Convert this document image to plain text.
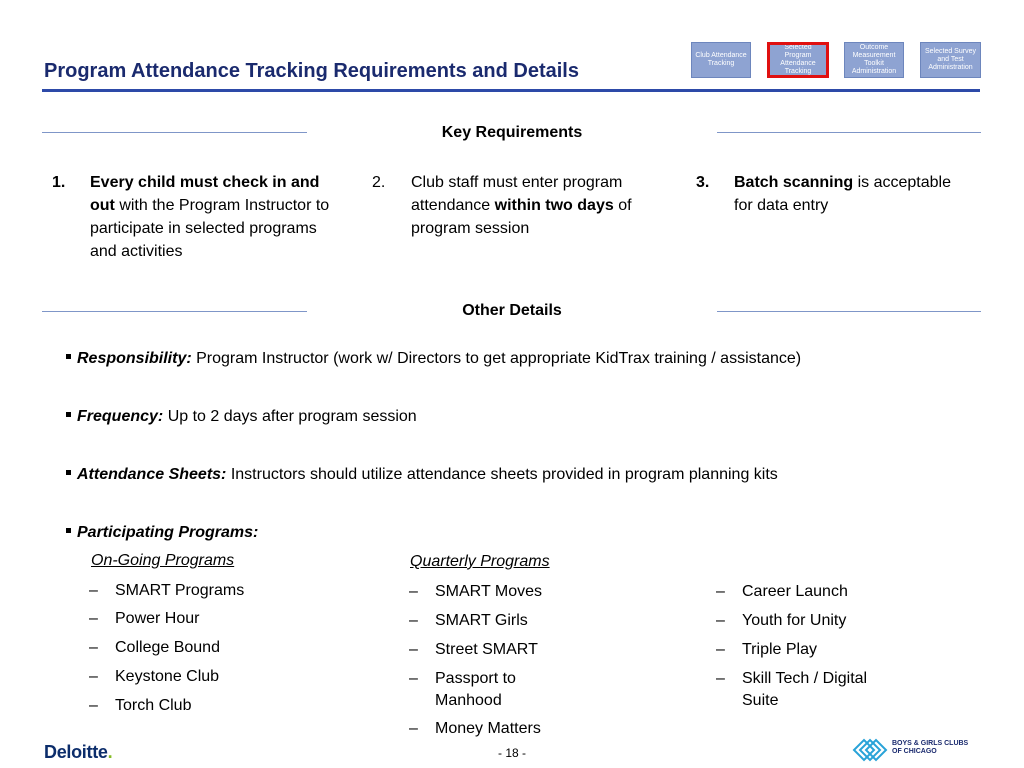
Program Attendance Tracking Requirements and Details
Club Attendance Tracking
Selected Program Attendance Tracking
Outcome Measurement Toolkit Administration
Selected Survey and Test Administration
Key Requirements
1. Every child must check in and out with the Program Instructor to participate in selected programs and activities
2. Club staff must enter program attendance within two days of program session
3. Batch scanning is acceptable for data entry
Other Details
Responsibility: Program Instructor (work w/ Directors to get appropriate KidTrax training / assistance)
Frequency: Up to 2 days after program session
Attendance Sheets: Instructors should utilize attendance sheets provided in program planning kits
Participating Programs:
On-Going Programs	Quarterly Programs
– SMART Programs
– Power Hour
– College Bound
– Keystone Club
– Torch Club
– SMART Moves
– SMART Girls
– Street SMART
– Passport to Manhood
– Money Matters
– Career Launch
– Youth for Unity
– Triple Play
– Skill Tech / Digital Suite
Deloitte.	- 18 -
BOYS & GIRLS CLUBS
OF CHICAGO
